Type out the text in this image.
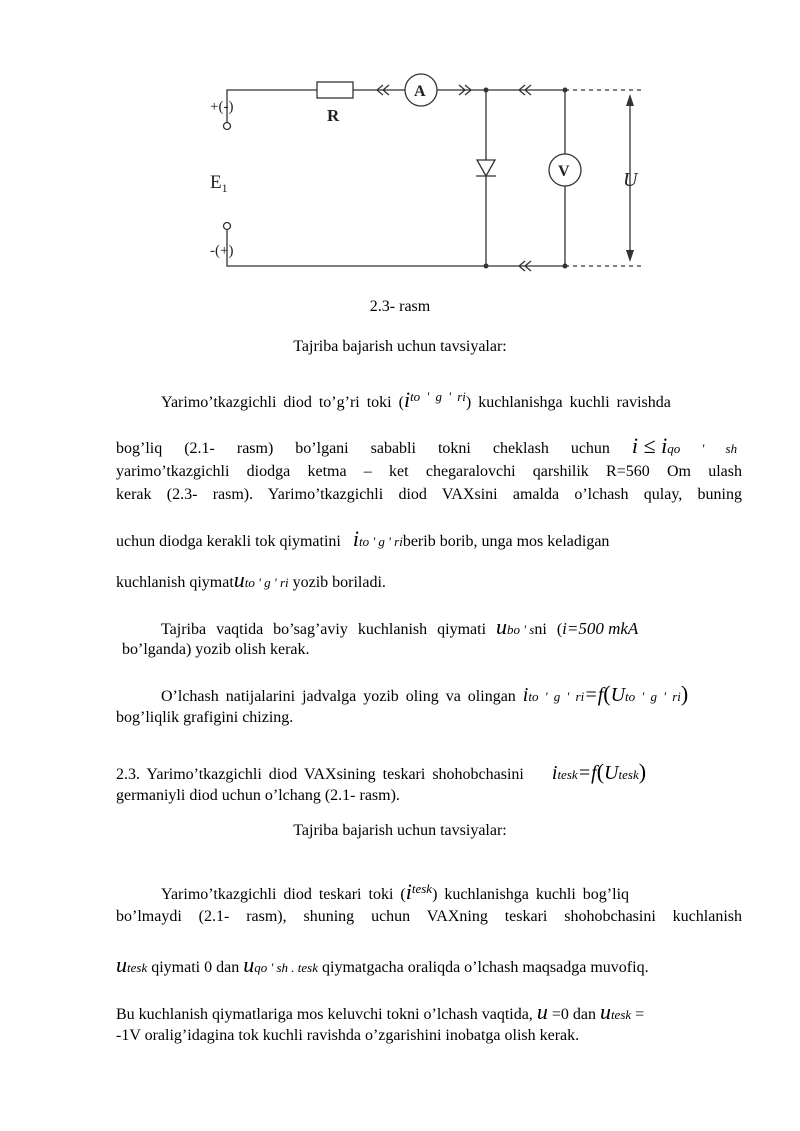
+(-)
-(+)
$E_1$
R
A
V	U
2.3- rasm
Tajriba bajarish uchun tavsiyalar:
Yarimo’tkazgichli diod to’g’ri toki $(i^{to ' g ' ri})$ kuchlanishga kuchli ravishda
bog’liq (2.1- rasm) bo’lgani sababli tokni cheklash uchun i ≤ iqo ' sh
yarimo’tkazgichli diodga ketma – ket chegaralovchi qarshilik R=560 Om ulash
kerak (2.3- rasm). Yarimo’tkazgichli diod VAXsini amalda o’lchash qulay, buning
uchun diodga kerakli tok qiymatini ito ' g ' riberib borib, unga mos keladigan
kuchlanish qiymatuto ' g ' ri yozib boriladi.
Tajriba vaqtida bo’sag’aviy kuchlanish qiymati ubo ' sni (i=500 mkA
bo’lganda) yozib olish kerak.
O’lchash natijalarini jadvalga yozib oling va olingan ito ' g ' ri=f(Uto ' g ' ri)
bog’liqlik grafigini chizing.
2.3. Yarimo’tkazgichli diod VAXsining teskari shohobchasini itesk=f(Utesk)
germaniyli diod uchun o’lchang (2.1- rasm).
Tajriba bajarish uchun tavsiyalar:
Yarimo’tkazgichli diod teskari toki $(i^{tesk})$ kuchlanishga kuchli bog’liq
bo’lmaydi (2.1- rasm), shuning uchun VAXning teskari shohobchasini kuchlanish
utesk qiymati 0 dan uqo ' sh . tesk qiymatgacha oraliqda o’lchash maqsadga muvofiq.
Bu kuchlanish qiymatlariga mos keluvchi tokni o’lchash vaqtida, u =0 dan utesk =
-1V oralig’idagina tok kuchli ravishda o’zgarishini inobatga olish kerak.
